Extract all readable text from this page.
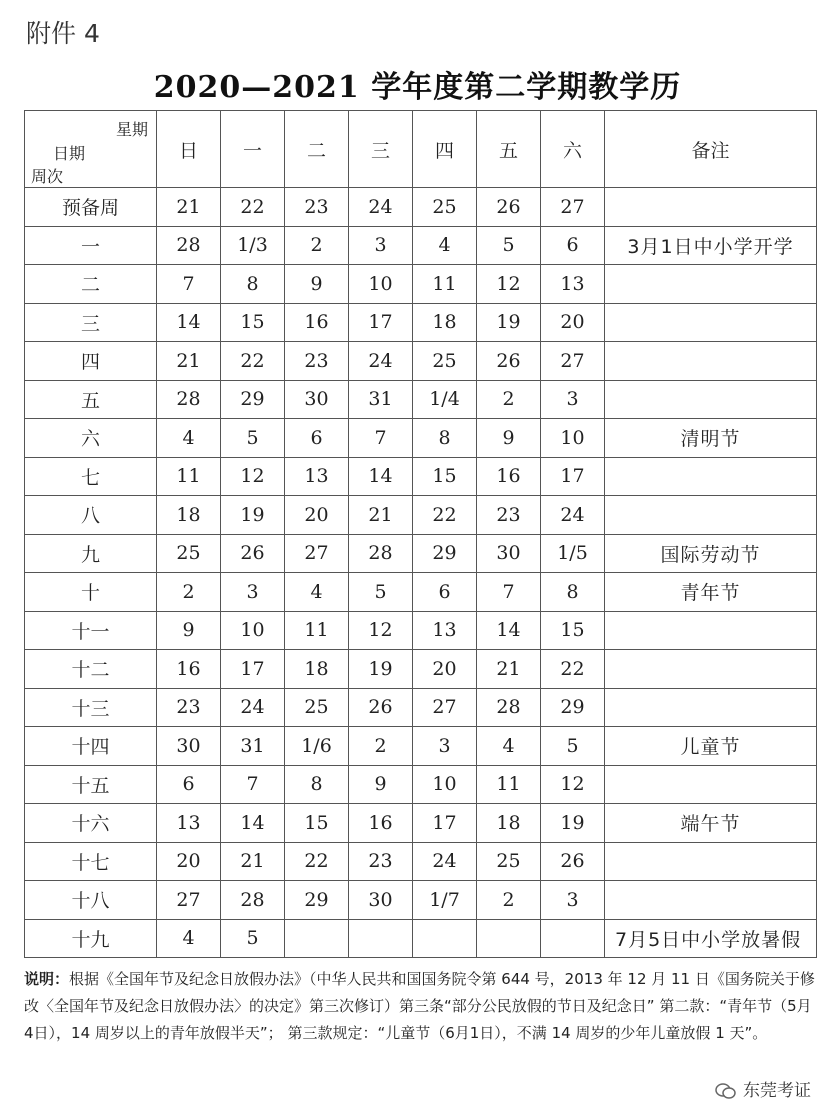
附件 4
2020—2021 学年度第二学期教学历
星期
日期
周次	日	一	二	三	四	五	六	备注
预备周	21	22	23	24	25	26	27	
一	28	1/3	2	3	4	5	6	3月1日中小学开学
二	7	8	9	10	11	12	13	
三	14	15	16	17	18	19	20	
四	21	22	23	24	25	26	27	
五	28	29	30	31	1/4	2	3	
六	4	5	6	7	8	9	10	清明节
七	11	12	13	14	15	16	17	
八	18	19	20	21	22	23	24	
九	25	26	27	28	29	30	1/5	国际劳动节
十	2	3	4	5	6	7	8	青年节
十一	9	10	11	12	13	14	15	
十二	16	17	18	19	20	21	22	
十三	23	24	25	26	27	28	29	
十四	30	31	1/6	2	3	4	5	儿童节
十五	6	7	8	9	10	11	12	
十六	13	14	15	16	17	18	19	端午节
十七	20	21	22	23	24	25	26	
十八	27	28	29	30	1/7	2	3	
十九	4	5						7月5日中小学放暑假
说明：根据《全国年节及纪念日放假办法》（中华人民共和国国务院令第 644 号，2013 年 12 月 11 日《国务院关于修改〈全国年节及纪念日放假办法〉的决定》第三次修订）第三条“部分公民放假的节日及纪念日” 第二款：“青年节（5月4日），14 周岁以上的青年放假半天”； 第三款规定：“儿童节（6月1日），不满 14 周岁的少年儿童放假 1 天”。
东莞考证
